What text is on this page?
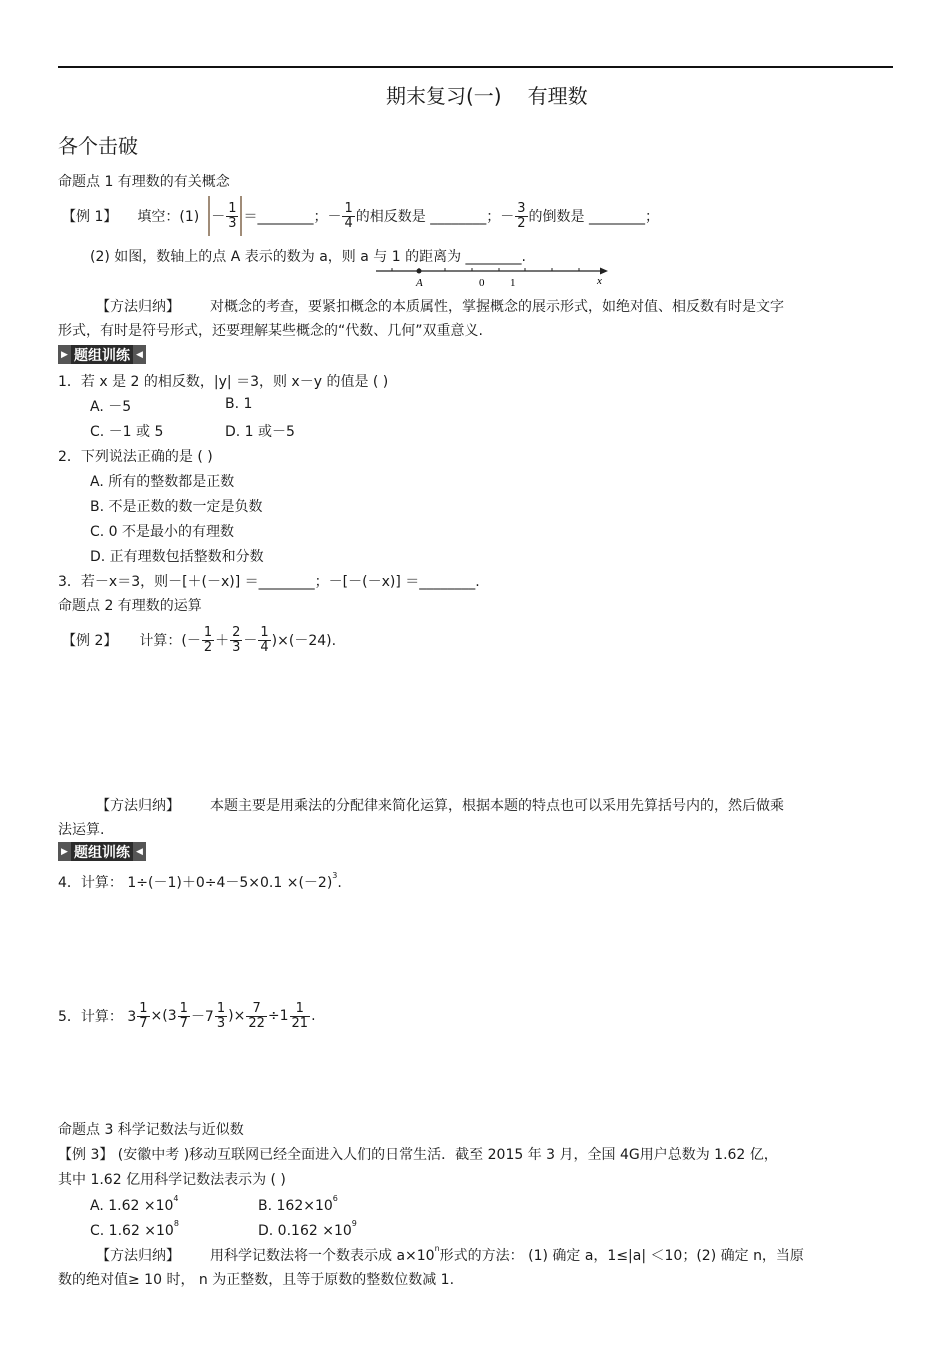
期末复习(一) 有理数
各个击破
命题点 1 有理数的有关概念
【例 1】 填空：$(1) - \frac{1}{3}$ ＝________；－ $\frac{1}{4}$ 的相反数是 ________；－ $\frac{3}{2}$ 的倒数是 ________；
(2) 如图，数轴上的点 A 表示的数为 a，则 a 与 1 的距离为 ________.
A	0 1	x
【方法归纳】 对概念的考查，要紧扣概念的本质属性，掌握概念的展示形式，如绝对值、相反数有时是文字
形式，有时是符号形式，还要理解某些概念的“代数、几何”双重意义.
▶ 题组训练 ◀
1．若 x 是 2 的相反数，|y| ＝3，则 x－y 的值是 ( )
A. －5	B. 1
C. －1 或 5	D. 1 或－5
2．下列说法正确的是 ( )
A. 所有的整数都是正数
B. 不是正数的数一定是负数
C. 0 不是最小的有理数
D. 正有理数包括整数和分数
3．若－x＝3，则－[＋(－x)] ＝________；－[－(－x)] ＝________.
命题点 2 有理数的运算
【例 2】 计算：(－ $\frac{1}{2} + \frac{2}{3} - \frac{1}{4} )\times(-24)$.
【方法归纳】 本题主要是用乘法的分配律来简化运算，根据本题的特点也可以采用先算括号内的，然后做乘
法运算.
▶ 题组训练 ◀
4．计算： $1\div(-1)+0\div 4-5\times 0.1 \times(-2)^3$.
5．计算： $3 \frac{1}{7} \times(3 \frac{1}{7} -7 \frac{1}{3}$ )× $\frac{7}{22} \div 1 \frac{1}{21}$ .
命题点 3 科学记数法与近似数
【例 3】 (安徽中考 )移动互联网已经全面进入人们的日常生活．截至 2015 年 3 月，全国 4G用户总数为 1.62 亿，
其中 1.62 亿用科学记数法表示为 ( )
A. $1.62 \times 10^4$	B. $162\times 10^6$
C. $1.62 \times 10^8$	D. $0.162 \times 10^9$
【方法归纳】 用科学记数法将一个数表示成 $a\times 10^n$形式的方法： (1) 确定 a，1≤|a| ＜10；(2) 确定 n，当原
数的绝对值≥ 10 时， n 为正整数，且等于原数的整数位数减 1.
